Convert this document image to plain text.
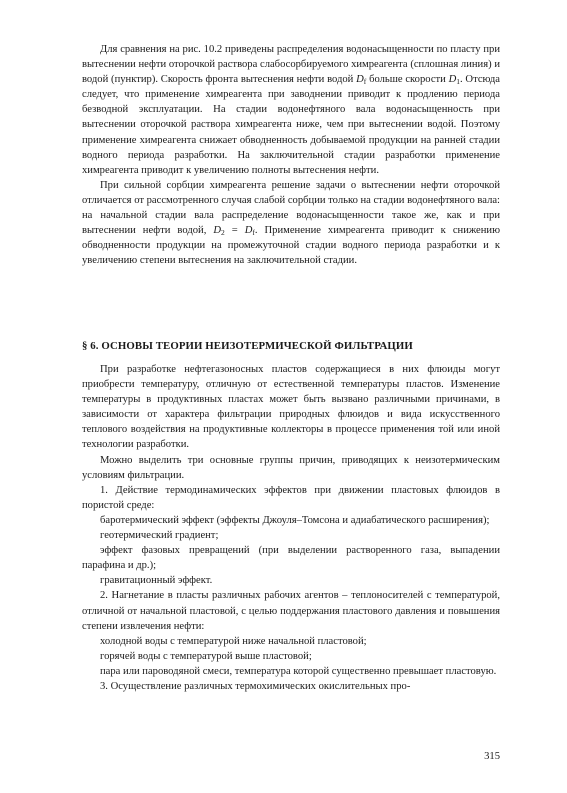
Для сравнения на рис. 10.2 приведены распределения водонасыщенности по пласту при вытеснении нефти оторочкой раствора слабосорбируемого химреагента (сплошная линия) и водой (пунктир). Скорость фронта вытеснения нефти водой $D_f$ больше скорости $D_1$. Отсюда следует, что применение химреагента при заводнении приводит к продлению периода безводной эксплуатации. На стадии водонефтяного вала водонасыщенность при вытеснении оторочкой раствора химреагента ниже, чем при вытеснении водой. Поэтому применение химреагента снижает обводненность добываемой продукции на ранней стадии водного периода разработки. На заключительной стадии разработки применение химреагента приводит к увеличению полноты вытеснения нефти.

При сильной сорбции химреагента решение задачи о вытеснении нефти оторочкой отличается от рассмотренного случая слабой сорбции только на стадии водонефтяного вала: на начальной стадии вала распределение водонасыщенности такое же, как и при вытеснении нефти водой, $D_2 = D_f$. Применение химреагента приводит к снижению обводненности продукции на промежуточной стадии водного периода разработки и к увеличению степени вытеснения на заключительной стадии.

§ 6. ОСНОВЫ ТЕОРИИ НЕИЗОТЕРМИЧЕСКОЙ ФИЛЬТРАЦИИ

При разработке нефтегазоносных пластов содержащиеся в них флюиды могут приобрести температуру, отличную от естественной температуры пластов. Изменение температуры в продуктивных пластах может быть вызвано различными причинами, в зависимости от характера фильтрации природных флюидов и вида искусственного теплового воздействия на продуктивные коллекторы в процессе применения той или иной технологии разработки.

Можно выделить три основные группы причин, приводящих к неизотермическим условиям фильтрации.

1. Действие термодинамических эффектов при движении пластовых флюидов в пористой среде:

баротермический эффект (эффекты Джоуля–Томсона и адиабатического расширения);

геотермический градиент;

эффект фазовых превращений (при выделении растворенного газа, выпадении парафина и др.);

гравитационный эффект.

2. Нагнетание в пласты различных рабочих агентов – теплоносителей с температурой, отличной от начальной пластовой, с целью поддержания пластового давления и повышения степени извлечения нефти:

холодной воды с температурой ниже начальной пластовой;

горячей воды с температурой выше пластовой;

пара или пароводяной смеси, температура которой существенно превышает пластовую.

3. Осуществление различных термохимических окислительных про-

315
